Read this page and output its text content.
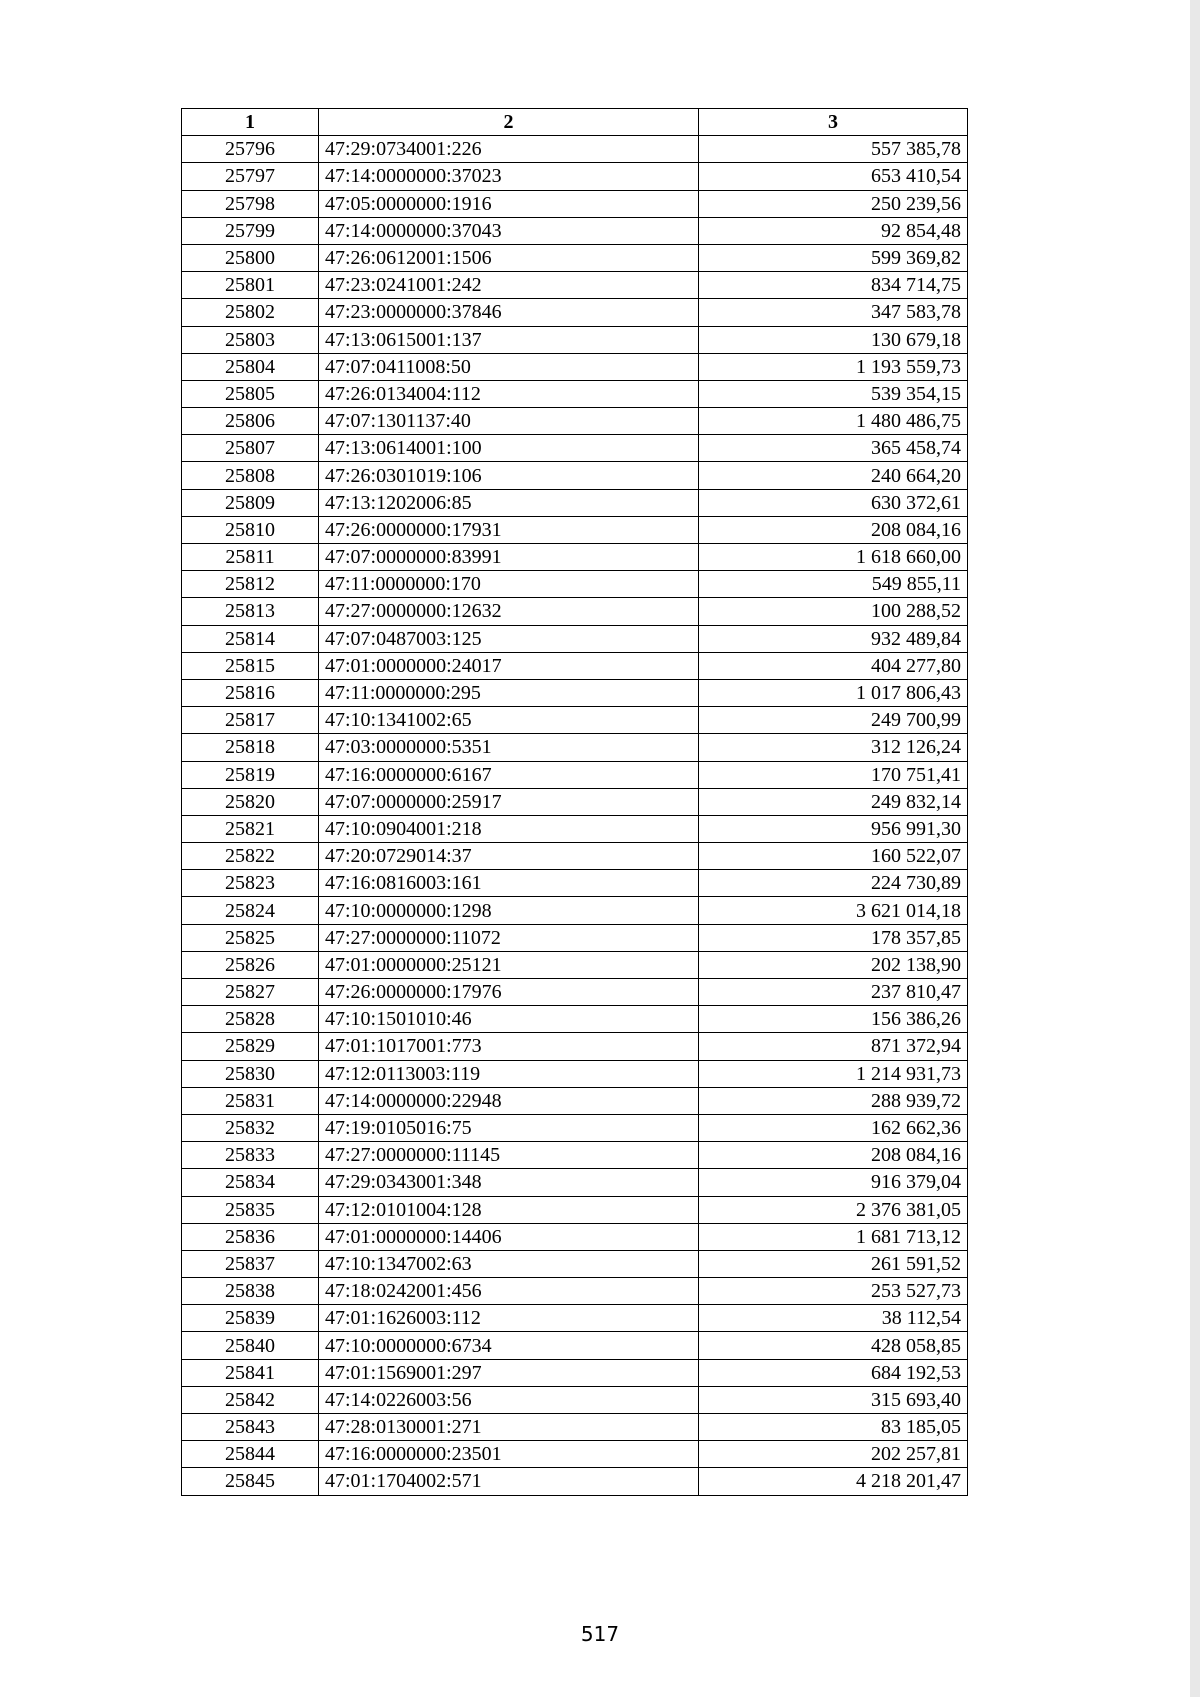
1	2	3
25796	47:29:0734001:226	557 385,78
25797	47:14:0000000:37023	653 410,54
25798	47:05:0000000:1916	250 239,56
25799	47:14:0000000:37043	92 854,48
25800	47:26:0612001:1506	599 369,82
25801	47:23:0241001:242	834 714,75
25802	47:23:0000000:37846	347 583,78
25803	47:13:0615001:137	130 679,18
25804	47:07:0411008:50	1 193 559,73
25805	47:26:0134004:112	539 354,15
25806	47:07:1301137:40	1 480 486,75
25807	47:13:0614001:100	365 458,74
25808	47:26:0301019:106	240 664,20
25809	47:13:1202006:85	630 372,61
25810	47:26:0000000:17931	208 084,16
25811	47:07:0000000:83991	1 618 660,00
25812	47:11:0000000:170	549 855,11
25813	47:27:0000000:12632	100 288,52
25814	47:07:0487003:125	932 489,84
25815	47:01:0000000:24017	404 277,80
25816	47:11:0000000:295	1 017 806,43
25817	47:10:1341002:65	249 700,99
25818	47:03:0000000:5351	312 126,24
25819	47:16:0000000:6167	170 751,41
25820	47:07:0000000:25917	249 832,14
25821	47:10:0904001:218	956 991,30
25822	47:20:0729014:37	160 522,07
25823	47:16:0816003:161	224 730,89
25824	47:10:0000000:1298	3 621 014,18
25825	47:27:0000000:11072	178 357,85
25826	47:01:0000000:25121	202 138,90
25827	47:26:0000000:17976	237 810,47
25828	47:10:1501010:46	156 386,26
25829	47:01:1017001:773	871 372,94
25830	47:12:0113003:119	1 214 931,73
25831	47:14:0000000:22948	288 939,72
25832	47:19:0105016:75	162 662,36
25833	47:27:0000000:11145	208 084,16
25834	47:29:0343001:348	916 379,04
25835	47:12:0101004:128	2 376 381,05
25836	47:01:0000000:14406	1 681 713,12
25837	47:10:1347002:63	261 591,52
25838	47:18:0242001:456	253 527,73
25839	47:01:1626003:112	38 112,54
25840	47:10:0000000:6734	428 058,85
25841	47:01:1569001:297	684 192,53
25842	47:14:0226003:56	315 693,40
25843	47:28:0130001:271	83 185,05
25844	47:16:0000000:23501	202 257,81
25845	47:01:1704002:571	4 218 201,47
517
